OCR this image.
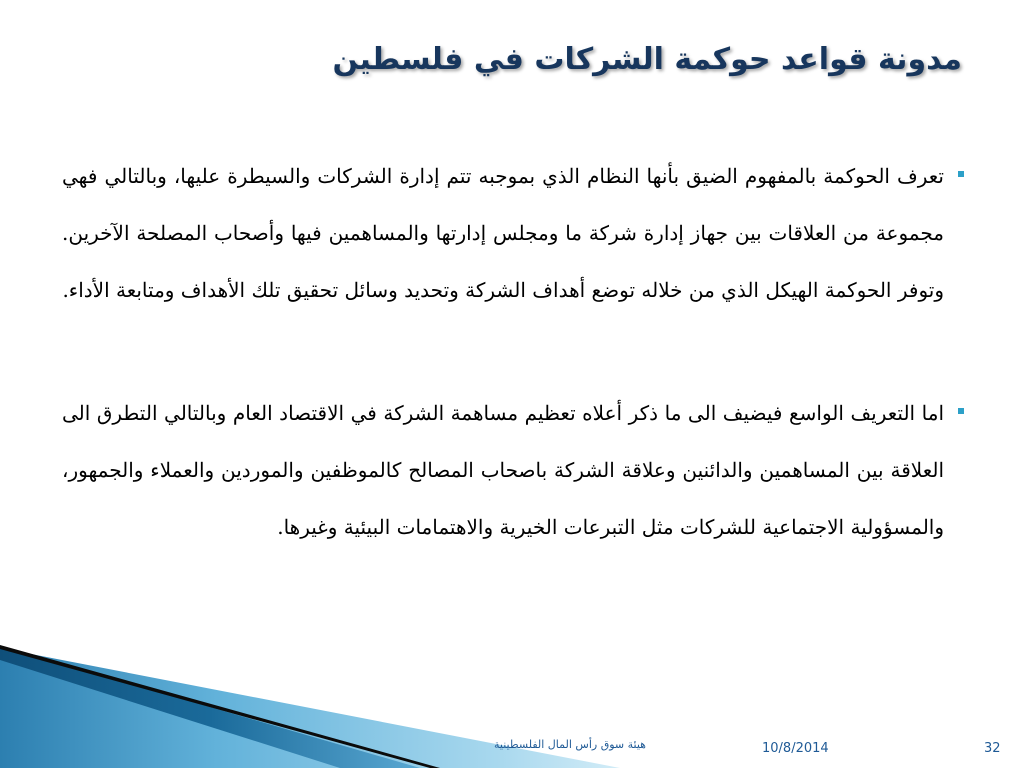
مدونة قواعد حوكمة الشركات في فلسطين

تعرف الحوكمة بالمفهوم الضيق بأنها النظام الذي بموجبه تتم إدارة الشركات والسيطرة عليها، وبالتالي فهي مجموعة من العلاقات بين جهاز إدارة شركة ما ومجلس إدارتها والمساهمين فيها وأصحاب المصلحة الآخرين. وتوفر الحوكمة الهيكل الذي من خلاله توضع أهداف الشركة وتحديد وسائل تحقيق تلك الأهداف ومتابعة الأداء.

اما التعريف الواسع فيضيف الى ما ذكر أعلاه تعظيم مساهمة الشركة في الاقتصاد العام وبالتالي التطرق الى العلاقة بين المساهمين والدائنين وعلاقة الشركة باصحاب المصالح كالموظفين والموردين والعملاء والجمهور، والمسؤولية الاجتماعية للشركات مثل التبرعات الخيرية والاهتمامات البيئية وغيرها.

هيئة سوق رأس المال الفلسطينية	10/8/2014	32
